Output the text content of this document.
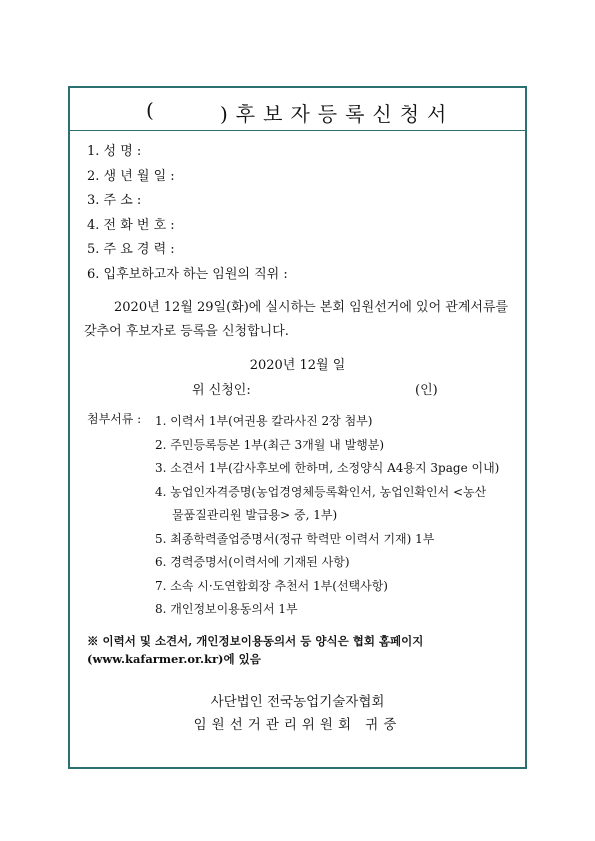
(	)후보자등록신청서
1. 성 명 :
2. 생 년 월 일 :
3. 주 소 :
4. 전 화 번 호 :
5. 주 요 경 력 :
6. 입후보하고자 하는 임원의 직위 :
2020년 12월 29일(화)에 실시하는 본회 임원선거에 있어 관계서류를 갖추어 후보자로 등록을 신청합니다.
2020년 12월 일
위 신청인:	(인)
첨부서류 : 1. 이력서 1부(여권용 칼라사진 2장 첨부)
2. 주민등록등본 1부(최근 3개월 내 발행분)
3. 소견서 1부(감사후보에 한하며, 소정양식 A4용지 3page 이내)
4. 농업인자격증명(농업경영체등록확인서, 농업인확인서 <농산
물품질관리원 발급용> 중, 1부)
5. 최종학력졸업증명서(정규 학력만 이력서 기재) 1부
6. 경력증명서(이력서에 기재된 사항)
7. 소속 시·도연합회장 추천서 1부(선택사항)
8. 개인정보이용동의서 1부
※ 이력서 및 소견서, 개인정보이용동의서 등 양식은 협회 홈페이지 (www.kafarmer.or.kr)에 있음
사단법인 전국농업기술자협회
임원선거관리위원회 귀중
